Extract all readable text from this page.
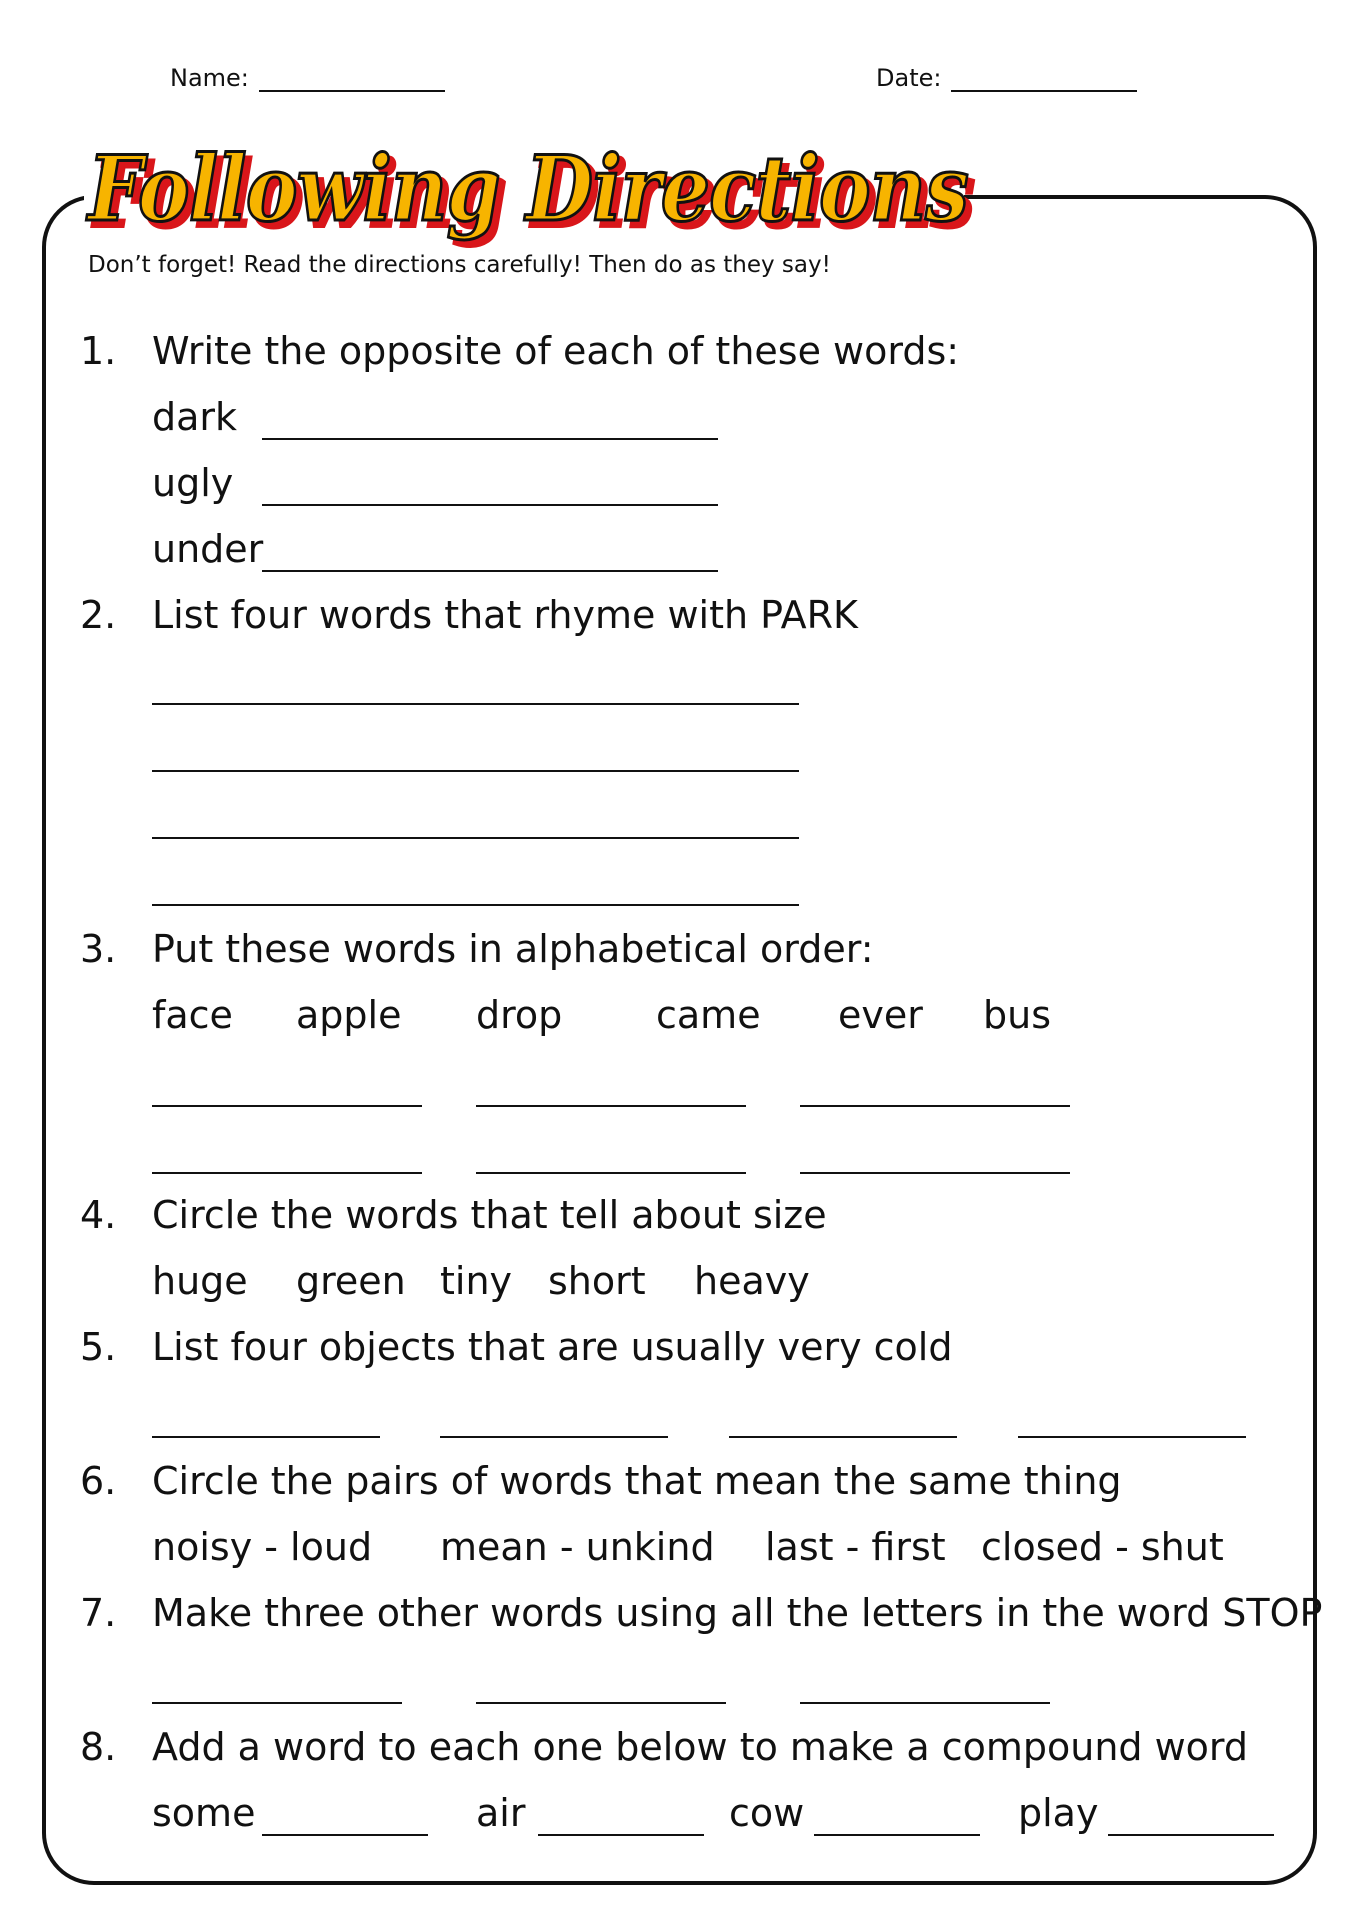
Name:	Date:
Following Directions
Following Directions
Don’t forget! Read the directions carefully! Then do as they say!
1. Write the opposite of each of these words:
dark
ugly
under
2. List four words that rhyme with PARK
3. Put these words in alphabetical order:
face apple drop came ever bus
4. Circle the words that tell about size
huge green tiny short heavy
5. List four objects that are usually very cold
6. Circle the pairs of words that mean the same thing
noisy - loud mean - unkind last - first closed - shut
7. Make three other words using all the letters in the word STOP
8. Add a word to each one below to make a compound word
some	air	cow	play
